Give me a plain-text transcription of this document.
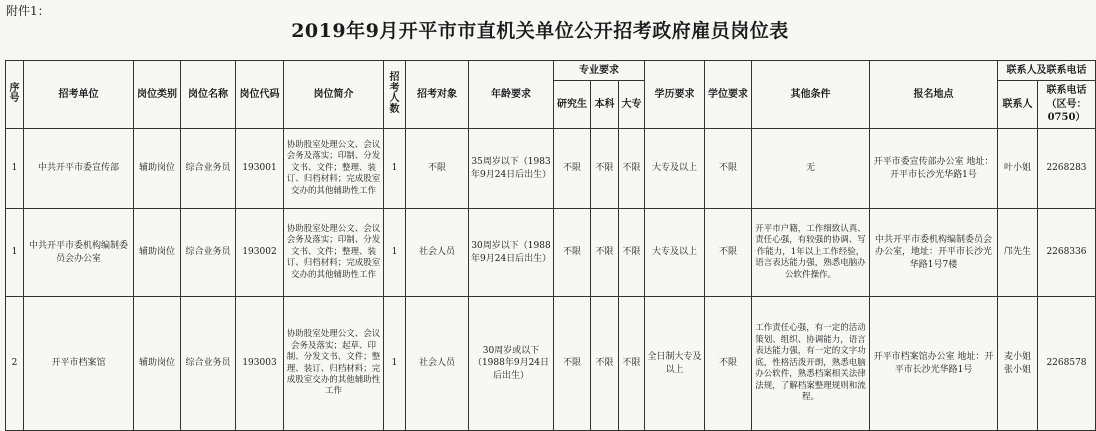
附件1：
2019年9月开平市市直机关单位公开招考政府雇员岗位表
序号	招考单位	岗位类别	岗位名称	岗位代码	岗位简介	招考人数	招考对象	年龄要求	专业要求			学历要求	学位要求	其他条件	报名地点	联系人及联系电话	
									研究生	本科	大专					联系人	联系电话（区号：0750）
1	中共开平市委宣传部	辅助岗位	综合业务员	193001	协助股室处理公文、会议会务及落实；印制、分发文书、文件；整理、装订、归档材料；完成股室交办的其他辅助性工作	1	不限	35周岁以下（1983年9月24日后出生）	不限	不限	不限	大专及以上	不限	无	开平市委宣传部办公室 地址：开平市长沙光华路1号	叶小姐	2268283
1	中共开平市委机构编制委员会办公室	辅助岗位	综合业务员	193002	协助股室处理公文、会议会务及落实；印制、分发文书、文件；整理、装订、归档材料；完成股室交办的其他辅助性工作	1	社会人员	30周岁以下（1988年9月24日后出生）	不限	不限	不限	大专及以上	不限	开平市户籍，工作细致认真、责任心强，有较强的协调、写作能力，1年以上工作经验，语言表达能力强，熟悉电脑办公软件操作。	中共开平市委机构编制委员会办公室，地址：开平市长沙光华路1号7楼	邝先生	2268336
2	开平市档案馆	辅助岗位	综合业务员	193003	协助股室处理公文、会议会务及落实；起草、印制、分发文书、文件；整理、装订、归档材料；完成股室交办的其他辅助性工作	1	社会人员	30周岁或以下（1988年9月24日后出生）	不限	不限	不限	全日制大专及以上	不限	工作责任心强，有一定的活动策划、组织、协调能力，语言表达能力强，有一定的文字功底，性格活泼开朗，熟悉电脑办公软件，熟悉档案相关法律法规，了解档案整理规则和流程。	开平市档案馆办公室 地址：开平市长沙光华路1号	麦小姐 张小姐	2268578
